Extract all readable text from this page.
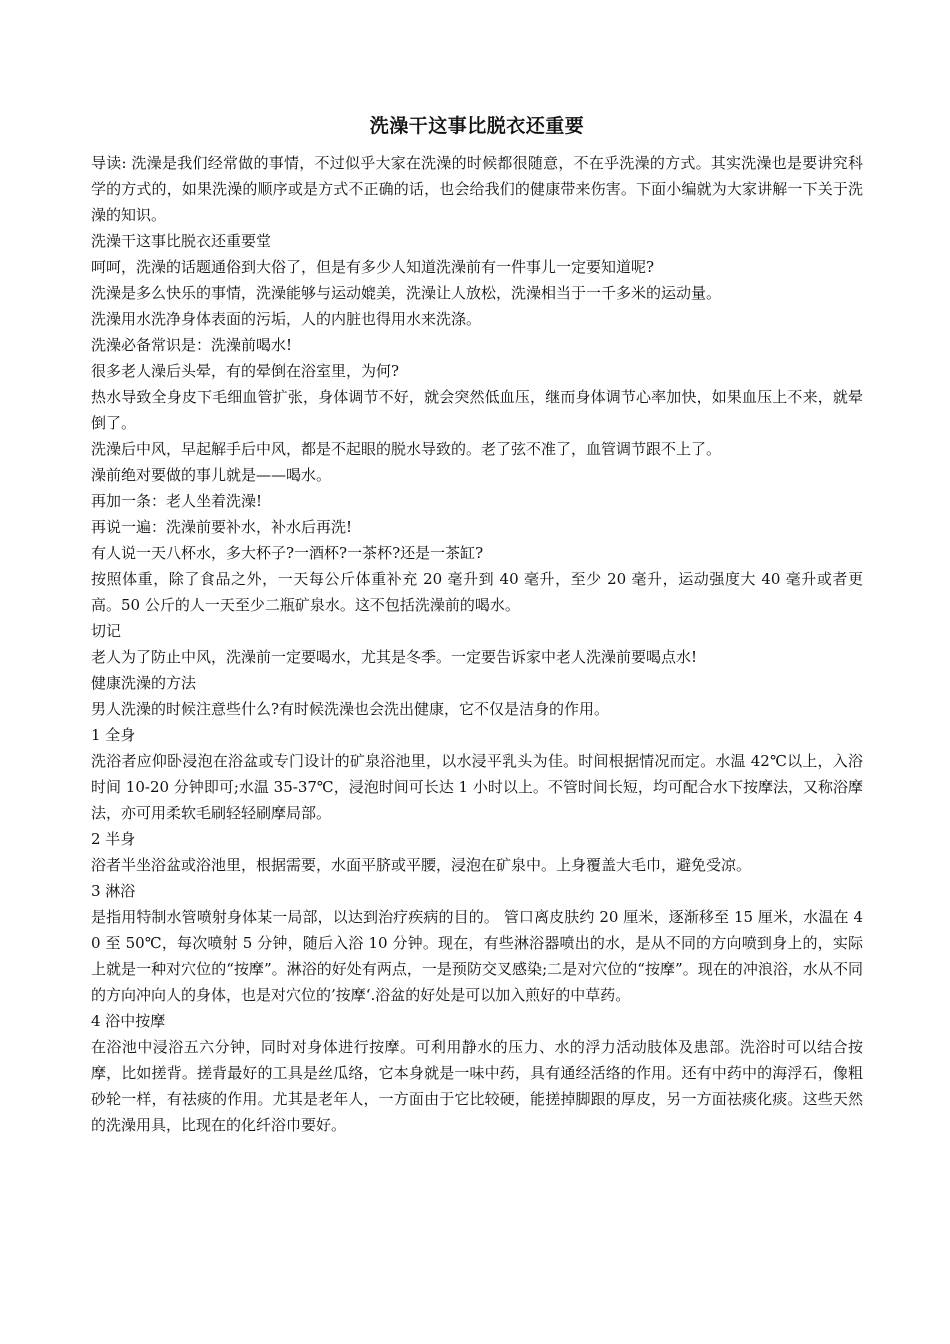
洗澡干这事比脱衣还重要

导读: 洗澡是我们经常做的事情，不过似乎大家在洗澡的时候都很随意，不在乎洗澡的方式。其实洗澡也是要讲究科学的方式的，如果洗澡的顺序或是方式不正确的话，也会给我们的健康带来伤害。下面小编就为大家讲解一下关于洗澡的知识。

洗澡干这事比脱衣还重要堂

呵呵，洗澡的话题通俗到大俗了，但是有多少人知道洗澡前有一件事儿一定要知道呢?

洗澡是多么快乐的事情，洗澡能够与运动媲美，洗澡让人放松，洗澡相当于一千多米的运动量。

洗澡用水洗净身体表面的污垢，人的内脏也得用水来洗涤。

洗澡必备常识是：洗澡前喝水!

很多老人澡后头晕，有的晕倒在浴室里，为何?

热水导致全身皮下毛细血管扩张，身体调节不好，就会突然低血压，继而身体调节心率加快，如果血压上不来，就晕倒了。

洗澡后中风，早起解手后中风，都是不起眼的脱水导致的。老了弦不准了，血管调节跟不上了。

澡前绝对要做的事儿就是——喝水。

再加一条：老人坐着洗澡!

再说一遍：洗澡前要补水，补水后再洗!

有人说一天八杯水，多大杯子?一酒杯?一茶杯?还是一茶缸?

按照体重，除了食品之外，一天每公斤体重补充 20 毫升到 40 毫升，至少 20 毫升，运动强度大 40 毫升或者更高。50 公斤的人一天至少二瓶矿泉水。这不包括洗澡前的喝水。

切记

老人为了防止中风，洗澡前一定要喝水，尤其是冬季。一定要告诉家中老人洗澡前要喝点水!

健康洗澡的方法

男人洗澡的时候注意些什么?有时候洗澡也会洗出健康，它不仅是洁身的作用。

1 全身

洗浴者应仰卧浸泡在浴盆或专门设计的矿泉浴池里，以水浸平乳头为佳。时间根据情况而定。水温 42℃以上，入浴时间 10-20 分钟即可;水温 35-37℃，浸泡时间可长达 1 小时以上。不管时间长短，均可配合水下按摩法，又称浴摩法，亦可用柔软毛刷轻轻刷摩局部。

2 半身

浴者半坐浴盆或浴池里，根据需要，水面平脐或平腰，浸泡在矿泉中。上身覆盖大毛巾，避免受凉。

3 淋浴

是指用特制水管喷射身体某一局部，以达到治疗疾病的目的。 管口离皮肤约 20 厘米，逐渐移至 15 厘米，水温在 40 至 50℃，每次喷射 5 分钟，随后入浴 10 分钟。现在，有些淋浴器喷出的水，是从不同的方向喷到身上的，实际上就是一种对穴位的“按摩”。淋浴的好处有两点，一是预防交叉感染;二是对穴位的“按摩”。现在的冲浪浴，水从不同的方向冲向人的身体，也是对穴位的’按摩‘.浴盆的好处是可以加入煎好的中草药。

4 浴中按摩

在浴池中浸浴五六分钟，同时对身体进行按摩。可利用静水的压力、水的浮力活动肢体及患部。洗浴时可以结合按摩，比如搓背。搓背最好的工具是丝瓜络，它本身就是一味中药，具有通经活络的作用。还有中药中的海浮石，像粗砂轮一样，有祛痰的作用。尤其是老年人，一方面由于它比较硬，能搓掉脚跟的厚皮，另一方面祛痰化痰。这些天然的洗澡用具，比现在的化纤浴巾要好。
